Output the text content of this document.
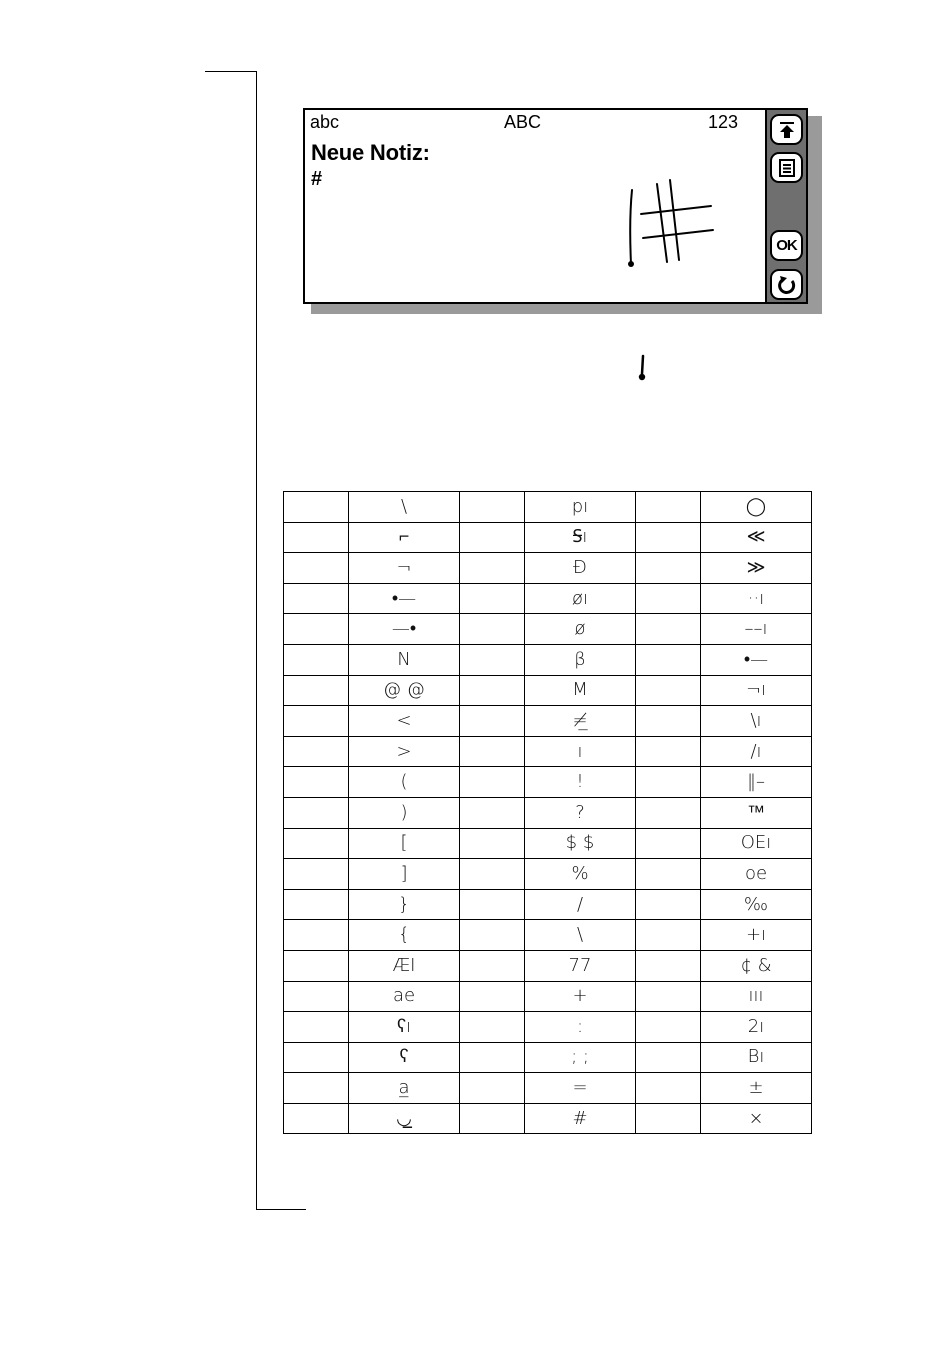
abc	ABC	123
Neue Notiz:
#
OK
	\		pı		◯
	⌐		Ꟊı		≪
	¬		Ɖ		≫
	•—		øı		··ı
	—•		ø		––ı
	N		β		•—
	@ @		M		¬ı
	<		≠̲		\ı
	>		ı		/ı
	(		!		‖–
	)		?		™
	[		$ $		OEı
	]		%		oe
	}		/		‰
	{		\		+ı
	ÆI		77		¢ &
	ae		+		ııı
	ʕı		:		2ı
	ʕ		; ;		Bı
	a̲		=		±
	◡̲		#		×
